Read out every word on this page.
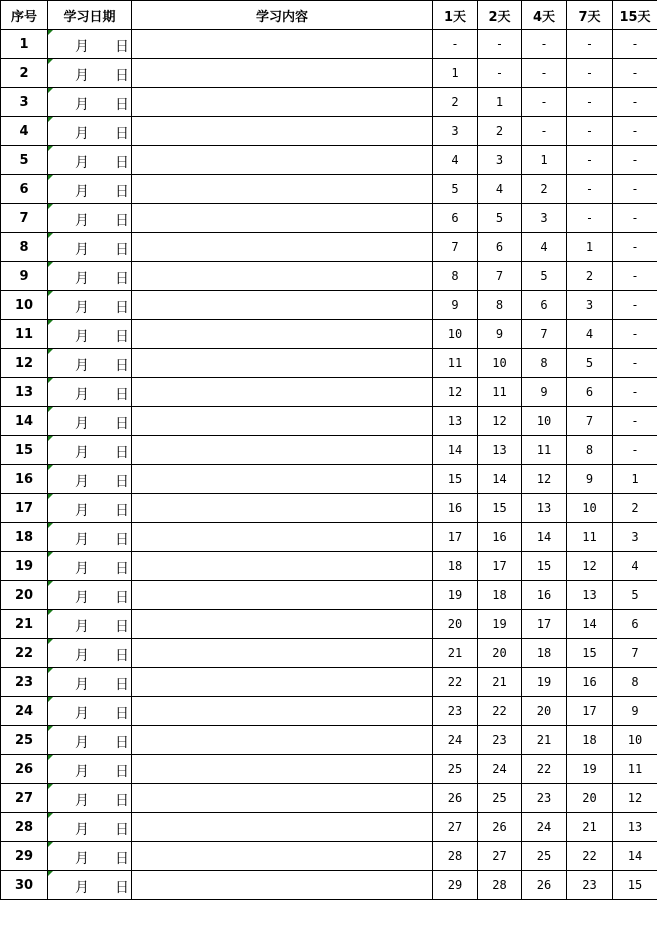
序号	学习日期	学习内容	1天	2天	4天	7天	15天
1	月 日		-	-	-	-	-
2	月 日		1	-	-	-	-
3	月 日		2	1	-	-	-
4	月 日		3	2	-	-	-
5	月 日		4	3	1	-	-
6	月 日		5	4	2	-	-
7	月 日		6	5	3	-	-
8	月 日		7	6	4	1	-
9	月 日		8	7	5	2	-
10	月 日		9	8	6	3	-
11	月 日		10	9	7	4	-
12	月 日		11	10	8	5	-
13	月 日		12	11	9	6	-
14	月 日		13	12	10	7	-
15	月 日		14	13	11	8	-
16	月 日		15	14	12	9	1
17	月 日		16	15	13	10	2
18	月 日		17	16	14	11	3
19	月 日		18	17	15	12	4
20	月 日		19	18	16	13	5
21	月 日		20	19	17	14	6
22	月 日		21	20	18	15	7
23	月 日		22	21	19	16	8
24	月 日		23	22	20	17	9
25	月 日		24	23	21	18	10
26	月 日		25	24	22	19	11
27	月 日		26	25	23	20	12
28	月 日		27	26	24	21	13
29	月 日		28	27	25	22	14
30	月 日		29	28	26	23	15
